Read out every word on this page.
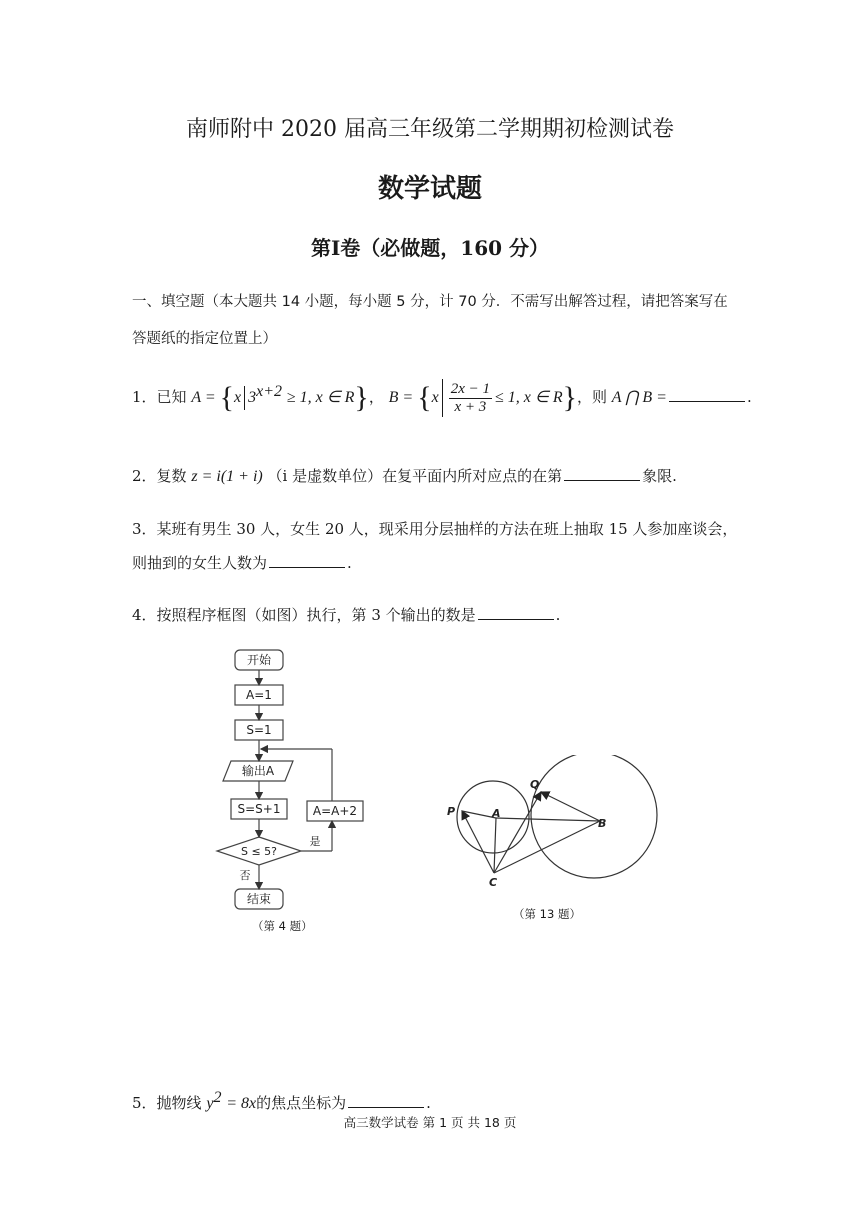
南师附中 2020 届高三年级第二学期期初检测试卷
数学试题
第Ⅰ卷（必做题，160 分）
一、填空题（本大题共 14 小题，每小题 5 分，计 70 分．不需写出解答过程，请把答案写在
答题纸的指定位置上）
1．已知 A = {x $3^{x+2} \ge 1$, x ∈ R}， $B = \{x \frac{2x - 1}{x + 3} \le 1$, x ∈ R}，则 A ⋂ B =	.
2．复数 z = i(1 + i) （i 是虚数单位）在复平面内所对应点的在第	象限.
3．某班有男生 30 人，女生 20 人，现采用分层抽样的方法在班上抽取 15 人参加座谈会，
则抽到的女生人数为	.
4．按照程序框图（如图）执行，第 3 个输出的数是	.
开始
A=1
S=1
输出A
S=S+1	A=A+2
S ≤ 5?
是
否
结束
（第 4 题）
P	A
Q
B
C
（第 13 题）
5．抛物线 $y^2 = 8x$的焦点坐标为	.
高三数学试卷 第 1 页 共 18 页
